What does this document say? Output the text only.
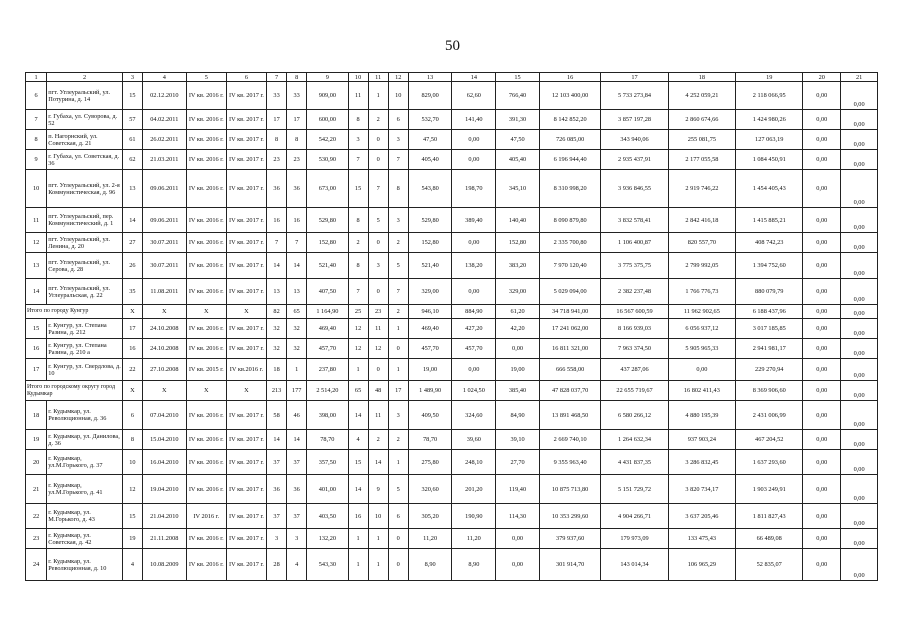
50
1	2	3	4	5	6	7	8	9	10	11	12	13	14	15	16	17	18	19	20	21
6	пгт. Углеуральский, ул. Потурина, д. 14	15	02.12.2010	IV кв. 2016 г.	IV кв. 2017 г.	33	33	909,00	11	1	10	829,00	62,60	766,40	12 103 400,00	5 733 273,84	4 252 059,21	2 118 066,95	0,00	0,00
7	г. Губаха, ул. Суворова, д. 52	57	04.02.2011	IV кв. 2016 г.	IV кв. 2017 г.	17	17	600,00	8	2	6	532,70	141,40	391,30	8 142 852,20	3 857 197,28	2 860 674,66	1 424 980,26	0,00	0,00
8	п. Нагорнский, ул. Советская, д. 21	61	26.02.2011	IV кв. 2016 г.	IV кв. 2017 г.	8	8	542,20	3	0	3	47,50	0,00	47,50	726 085,00	343 940,06	255 081,75	127 063,19	0,00	0,00
9	г. Губаха, ул. Советская, д. 36	62	21.03.2011	IV кв. 2016 г.	IV кв. 2017 г.	23	23	530,90	7	0	7	405,40	0,00	405,40	6 196 944,40	2 935 437,91	2 177 055,58	1 084 450,91	0,00	0,00
10	пгт. Углеуральский, ул. 2-я Коммунистическая, д. 96	13	09.06.2011	IV кв. 2016 г.	IV кв. 2017 г.	36	36	673,00	15	7	8	543,80	198,70	345,10	8 310 998,20	3 936 846,55	2 919 746,22	1 454 405,43	0,00	0,00
11	пгт. Углеуральский, пер. Коммунистический, д. 1	14	09.06.2011	IV кв. 2016 г.	IV кв. 2017 г.	16	16	529,80	8	5	3	529,80	389,40	140,40	8 090 879,80	3 832 578,41	2 842 416,18	1 415 885,21	0,00	0,00
12	пгт. Углеуральский, ул. Ленина, д. 20	27	30.07.2011	IV кв. 2016 г.	IV кв. 2017 г.	7	7	152,80	2	0	2	152,80	0,00	152,80	2 335 700,80	1 106 400,87	820 557,70	408 742,23	0,00	0,00
13	пгт. Углеуральский, ул. Серова, д. 28	26	30.07.2011	IV кв. 2016 г.	IV кв. 2017 г.	14	14	521,40	8	3	5	521,40	138,20	383,20	7 970 120,40	3 775 375,75	2 799 992,05	1 394 752,60	0,00	0,00
14	пгт. Углеуральский, ул. Углеуральская, д. 22	35	11.08.2011	IV кв. 2016 г.	IV кв. 2017 г.	13	13	407,50	7	0	7	329,00	0,00	329,00	5 029 094,00	2 382 237,48	1 766 776,73	880 079,79	0,00	0,00
Итого по городу Кунгур		X	X	X	X	82	65	1 164,90	25	23	2	946,10	884,90	61,20	34 718 941,00	16 567 600,59	11 962 902,65	6 188 437,96	0,00	0,00
15	г. Кунгур, ул. Степана Разина, д. 212	17	24.10.2008	IV кв. 2016 г.	IV кв. 2017 г.	32	32	469,40	12	11	1	469,40	427,20	42,20	17 241 062,00	8 166 939,03	6 056 937,12	3 017 185,85	0,00	0,00
16	г. Кунгур, ул. Степана Разина, д. 210 а	16	24.10.2008	IV кв. 2016 г.	IV кв. 2017 г.	32	32	457,70	12	12	0	457,70	457,70	0,00	16 811 321,00	7 963 374,50	5 905 965,33	2 941 981,17	0,00	0,00
17	г. Кунгур, ул. Свердлова, д. 10	22	27.10.2008	IV кв. 2015 г.	IV кв.2016 г.	18	1	237,80	1	0	1	19,00	0,00	19,00	666 558,00	437 287,06	0,00	229 270,94	0,00	0,00
Итого по городскому округу город Кудымкар		X	X	X	X	213	177	2 514,20	65	48	17	1 489,90	1 024,50	385,40	47 828 037,70	22 655 719,67	16 802 411,43	8 369 906,60	0,00	0,00
18	г. Кудымкар, ул. Революционная, д. 36	6	07.04.2010	IV кв. 2016 г.	IV кв. 2017 г.	58	46	398,00	14	11	3	409,50	324,60	84,90	13 891 468,50	6 580 266,12	4 880 195,39	2 431 006,99	0,00	0,00
19	г. Кудымкар, ул. Данилова, д. 36	8	15.04.2010	IV кв. 2016 г.	IV кв. 2017 г.	14	14	78,70	4	2	2	78,70	39,60	39,10	2 669 740,10	1 264 632,34	937 903,24	467 204,52	0,00	0,00
20	г. Кудымкар, ул.М.Горького, д. 37	10	16.04.2010	IV кв. 2016 г.	IV кв. 2017 г.	37	37	357,50	15	14	1	275,80	248,10	27,70	9 355 963,40	4 431 837,35	3 286 832,45	1 637 293,60	0,00	0,00
21	г. Кудымкар, ул.М.Горького, д. 41	12	19.04.2010	IV кв. 2016 г.	IV кв. 2017 г.	36	36	401,00	14	9	5	320,60	201,20	119,40	10 875 713,80	5 151 729,72	3 820 734,17	1 903 249,91	0,00	0,00
22	г. Кудымкар, ул. М.Горького, д. 43	15	21.04.2010	IV 2016 г.	IV кв. 2017 г.	37	37	403,50	16	10	6	305,20	190,90	114,30	10 353 299,60	4 904 266,71	3 637 205,46	1 811 827,43	0,00	0,00
23	г. Кудымкар, ул. Советская, д. 42	19	21.11.2008	IV кв. 2016 г.	IV кв. 2017 г.	3	3	132,20	1	1	0	11,20	11,20	0,00	379 937,60	179 973,09	133 475,43	66 489,08	0,00	0,00
24	г. Кудымкар, ул. Революционная, д. 10	4	10.08.2009	IV кв. 2016 г.	IV кв. 2017 г.	28	4	543,30	1	1	0	8,90	8,90	0,00	301 914,70	143 014,34	106 965,29	52 835,07	0,00	0,00
